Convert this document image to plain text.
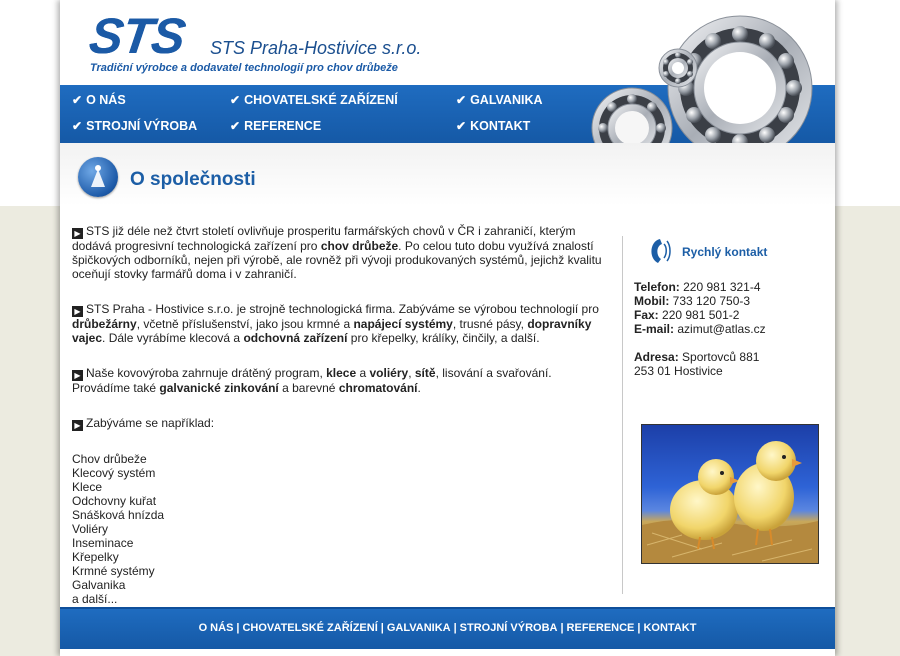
STS STS Praha-Hostivice s.r.o.
Tradiční výrobce a dodavatel technologií pro chov drůbeže
✔ O NÁS	✔ CHOVATELSKÉ ZAŘÍZENÍ	✔ GALVANIKA
✔ STROJNÍ VÝROBA	✔ REFERENCE	✔ KONTAKT
O společnosti

▶ STS již déle než čtvrt století ovlivňuje prosperitu farmářských chovů v ČR i zahraničí, kterým dodává progresivní technologická zařízení pro chov drůbeže. Po celou tuto dobu využívá znalostí špičkových odborníků, nejen při výrobě, ale rovněž při vývoji produkovaných systémů, jejichž kvalitu oceňují stovky farmářů doma i v zahraničí.

▶ STS Praha - Hostivice s.r.o. je strojně technologická firma. Zabýváme se výrobou technologií pro drůbežárny, včetně příslušenství, jako jsou krmné a napájecí systémy, trusné pásy, dopravníky vajec. Dále vyrábíme klecová a odchovná zařízení pro křepelky, králíky, činčily, a další.

▶ Naše kovovýroba zahrnuje drátěný program, klece a voliéry, sítě, lisování a svařování. Provádíme také galvanické zinkování a barevné chromatování.

▶ Zabýváme se například:

Chov drůbeže
Klecový systém
Klece
Odchovny kuřat
Snášková hnízda
Voliéry
Inseminace
Křepelky
Krmné systémy
Galvanika
a další...
Rychlý kontakt
Telefon: 220 981 321-4
Mobil: 733 120 750-3
Fax: 220 981 501-2
E-mail: azimut@atlas.cz
Adresa: Sportovců 881
253 01 Hostivice
O NÁS | CHOVATELSKÉ ZAŘÍZENÍ | GALVANIKA | STROJNÍ VÝROBA | REFERENCE | KONTAKT
